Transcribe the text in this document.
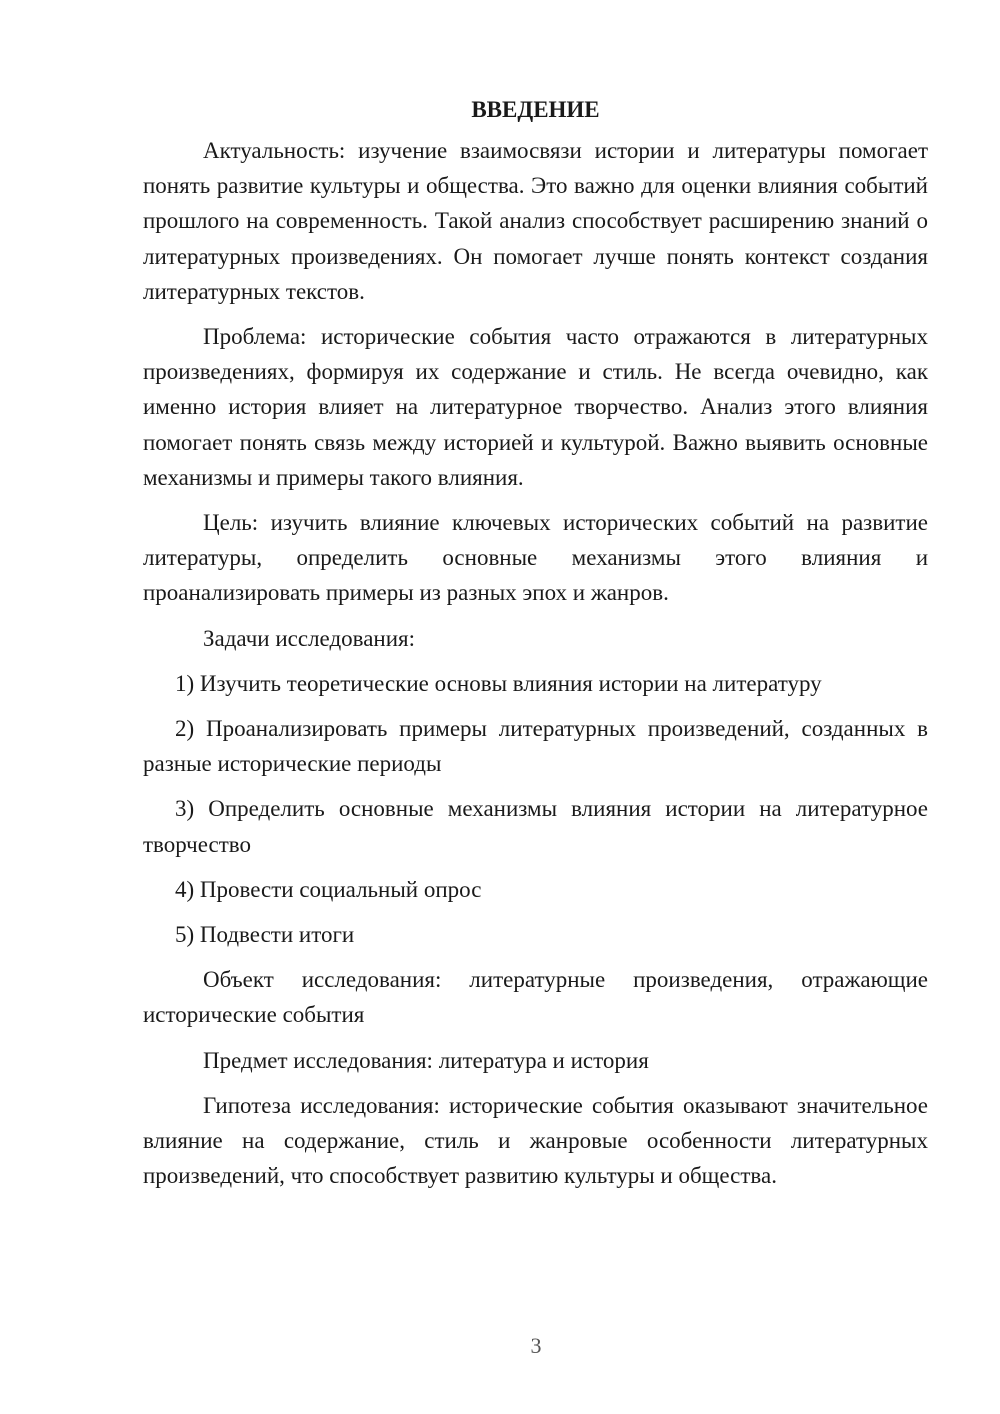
ВВЕДЕНИЕ

Актуальность: изучение взаимосвязи истории и литературы помогает понять развитие культуры и общества. Это важно для оценки влияния событий прошлого на современность. Такой анализ способствует расширению знаний о литературных произведениях. Он помогает лучше понять контекст создания литературных текстов.

Проблема: исторические события часто отражаются в литературных произведениях, формируя их содержание и стиль. Не всегда очевидно, как именно история влияет на литературное творчество. Анализ этого влияния помогает понять связь между историей и культурой. Важно выявить основные механизмы и примеры такого влияния.

Цель: изучить влияние ключевых исторических событий на развитие литературы, определить основные механизмы этого влияния и проанализировать примеры из разных эпох и жанров.

Задачи исследования:

1) Изучить теоретические основы влияния истории на литературу

2) Проанализировать примеры литературных произведений, созданных в разные исторические периоды

3) Определить основные механизмы влияния истории на литературное творчество

4) Провести социальный опрос

5) Подвести итоги

Объект исследования: литературные произведения, отражающие исторические события

Предмет исследования: литература и история

Гипотеза исследования: исторические события оказывают значительное влияние на содержание, стиль и жанровые особенности литературных произведений, что способствует развитию культуры и общества.

3
